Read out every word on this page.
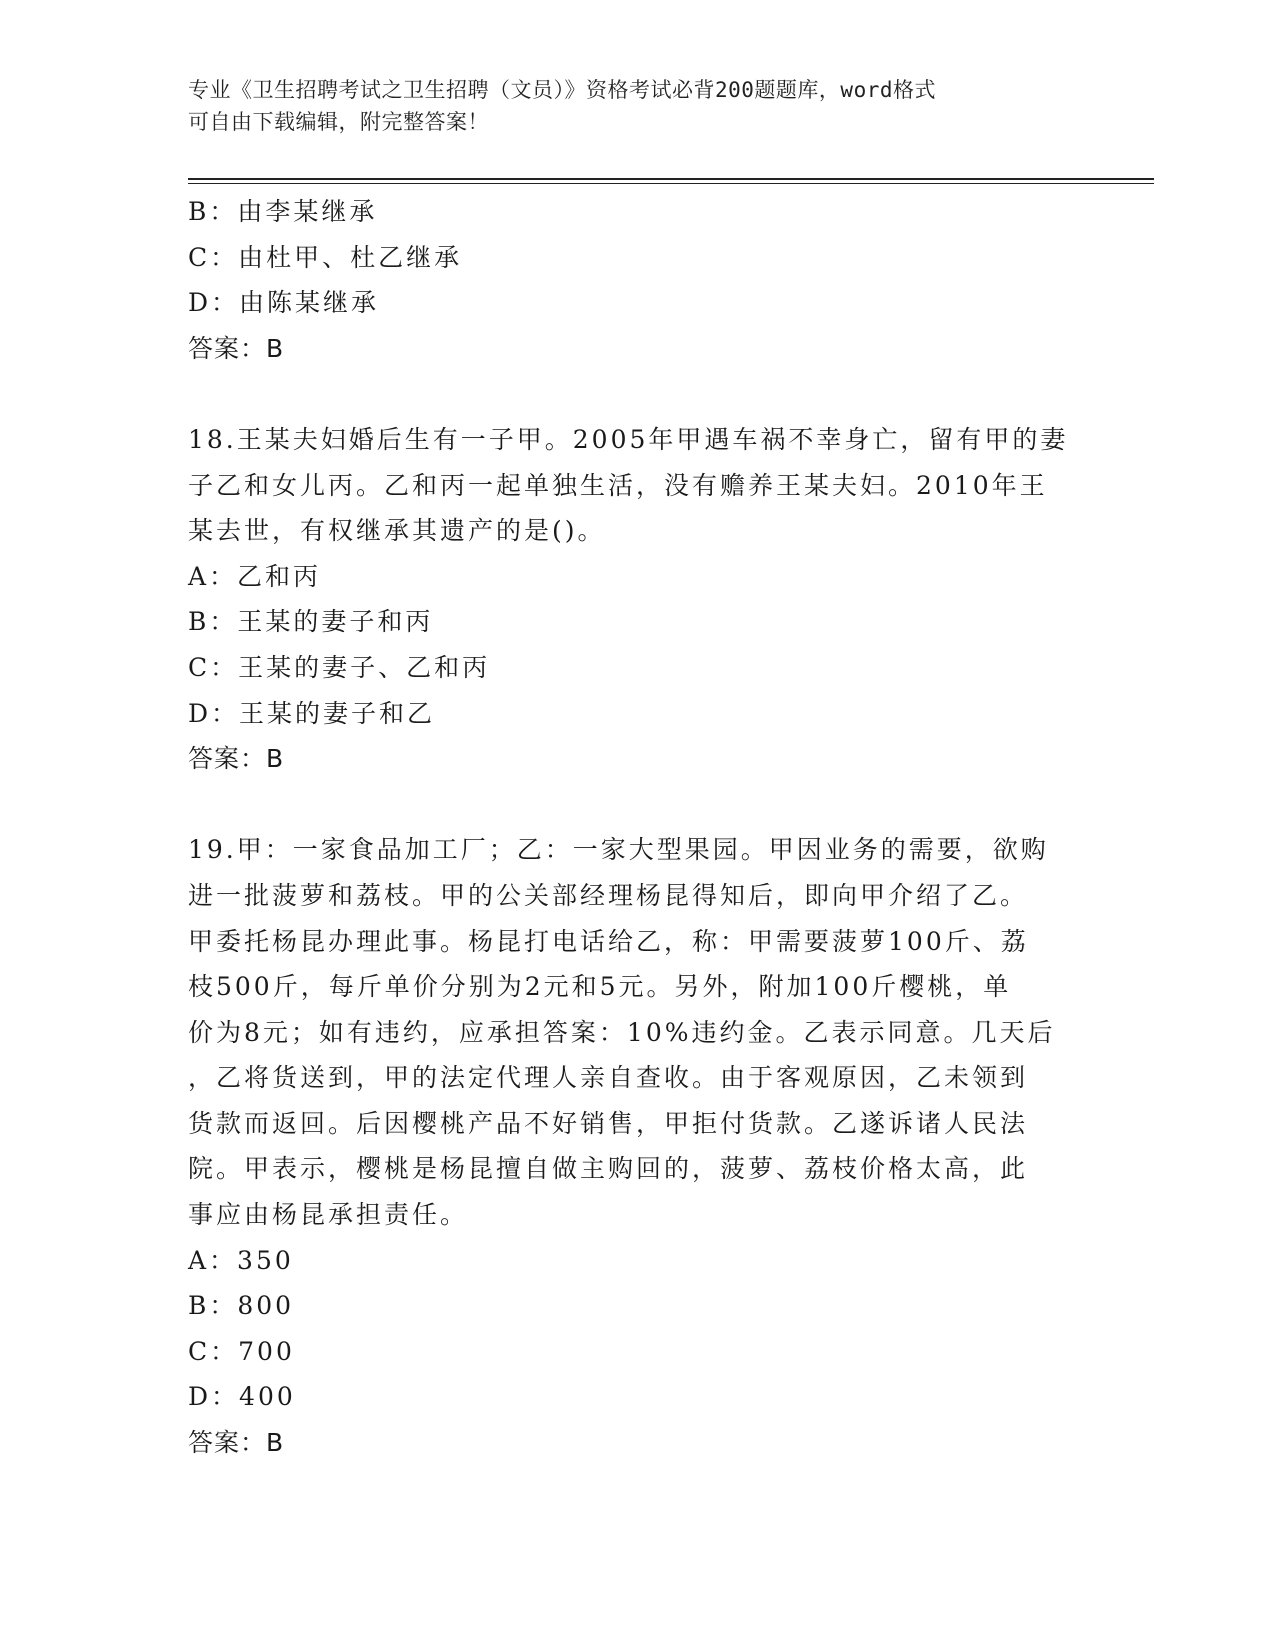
专业《卫生招聘考试之卫生招聘（文员）》资格考试必背200题题库，word格式
可自由下载编辑，附完整答案！
B：由李某继承
C：由杜甲、杜乙继承
D：由陈某继承
答案：B
18.王某夫妇婚后生有一子甲。2005年甲遇车祸不幸身亡，留有甲的妻
子乙和女儿丙。乙和丙一起单独生活，没有赡养王某夫妇。2010年王
某去世，有权继承其遗产的是()。
A：乙和丙
B：王某的妻子和丙
C：王某的妻子、乙和丙
D：王某的妻子和乙
答案：B
19.甲：一家食品加工厂；乙：一家大型果园。甲因业务的需要，欲购
进一批菠萝和荔枝。甲的公关部经理杨昆得知后，即向甲介绍了乙。
甲委托杨昆办理此事。杨昆打电话给乙，称：甲需要菠萝100斤、荔
枝500斤，每斤单价分别为2元和5元。另外，附加100斤樱桃，单
价为8元；如有违约，应承担答案：10%违约金。乙表示同意。几天后
，乙将货送到，甲的法定代理人亲自查收。由于客观原因，乙未领到
货款而返回。后因樱桃产品不好销售，甲拒付货款。乙遂诉诸人民法
院。甲表示，樱桃是杨昆擅自做主购回的，菠萝、荔枝价格太高，此
事应由杨昆承担责任。
A：350
B：800
C：700
D：400
答案：B
